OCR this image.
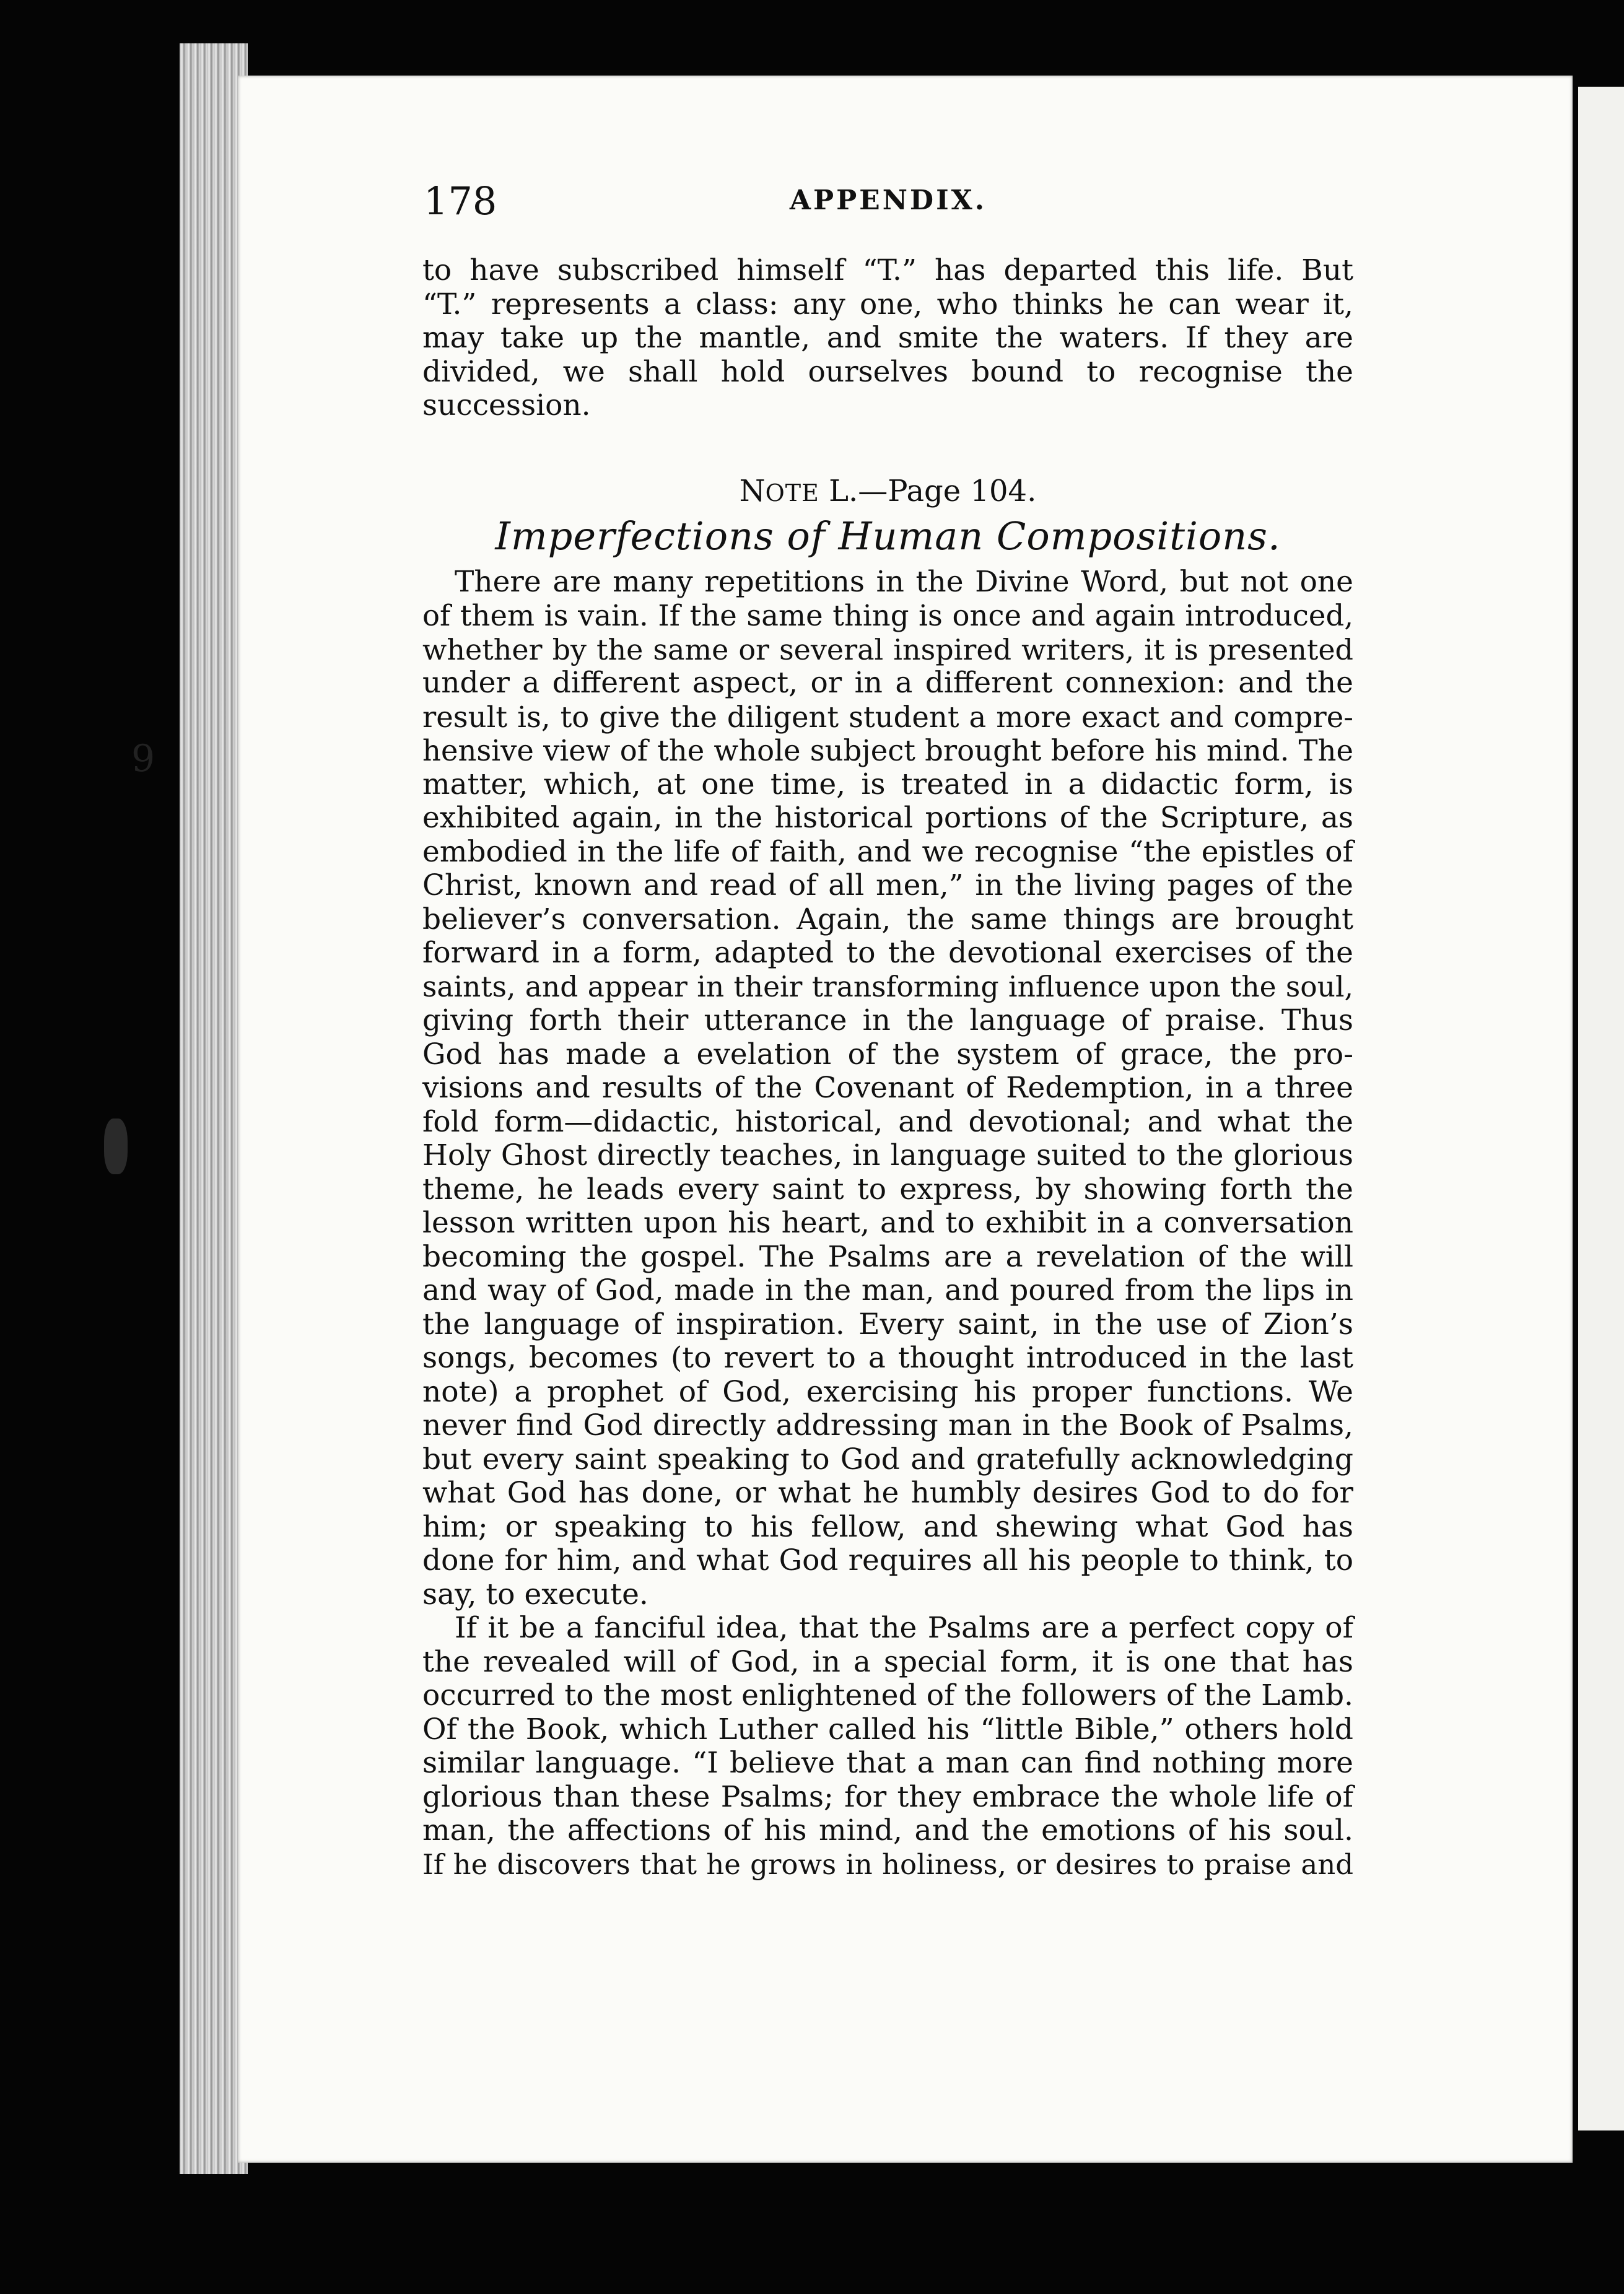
9
178	APPENDIX.
to have subscribed himself “T.” has departed this life. But
“T.” represents a class: any one, who thinks he can wear it,
may take up the mantle, and smite the waters. If they are
divided, we shall hold ourselves bound to recognise the
succession.
NOTE L.—Page 104.
Imperfections of Human Compositions.
There are many repetitions in the Divine Word, but not one
of them is vain. If the same thing is once and again introduced,
whether by the same or several inspired writers, it is presented
under a different aspect, or in a different connexion: and the
result is, to give the diligent student a more exact and compre-
hensive view of the whole subject brought before his mind. The
matter, which, at one time, is treated in a didactic form, is
exhibited again, in the historical portions of the Scripture, as
embodied in the life of faith, and we recognise “the epistles of
Christ, known and read of all men,” in the living pages of the
believer’s conversation. Again, the same things are brought
forward in a form, adapted to the devotional exercises of the
saints, and appear in their transforming influence upon the soul,
giving forth their utterance in the language of praise. Thus
God has made a evelation of the system of grace, the pro-
visions and results of the Covenant of Redemption, in a three
fold form—didactic, historical, and devotional; and what the
Holy Ghost directly teaches, in language suited to the glorious
theme, he leads every saint to express, by showing forth the
lesson written upon his heart, and to exhibit in a conversation
becoming the gospel. The Psalms are a revelation of the will
and way of God, made in the man, and poured from the lips in
the language of inspiration. Every saint, in the use of Zion’s
songs, becomes (to revert to a thought introduced in the last
note) a prophet of God, exercising his proper functions. We
never find God directly addressing man in the Book of Psalms,
but every saint speaking to God and gratefully acknowledging
what God has done, or what he humbly desires God to do for
him; or speaking to his fellow, and shewing what God has
done for him, and what God requires all his people to think, to
say, to execute.
If it be a fanciful idea, that the Psalms are a perfect copy of
the revealed will of God, in a special form, it is one that has
occurred to the most enlightened of the followers of the Lamb.
Of the Book, which Luther called his “little Bible,” others hold
similar language. “I believe that a man can find nothing more
glorious than these Psalms; for they embrace the whole life of
man, the affections of his mind, and the emotions of his soul.
If he discovers that he grows in holiness, or desires to praise and
